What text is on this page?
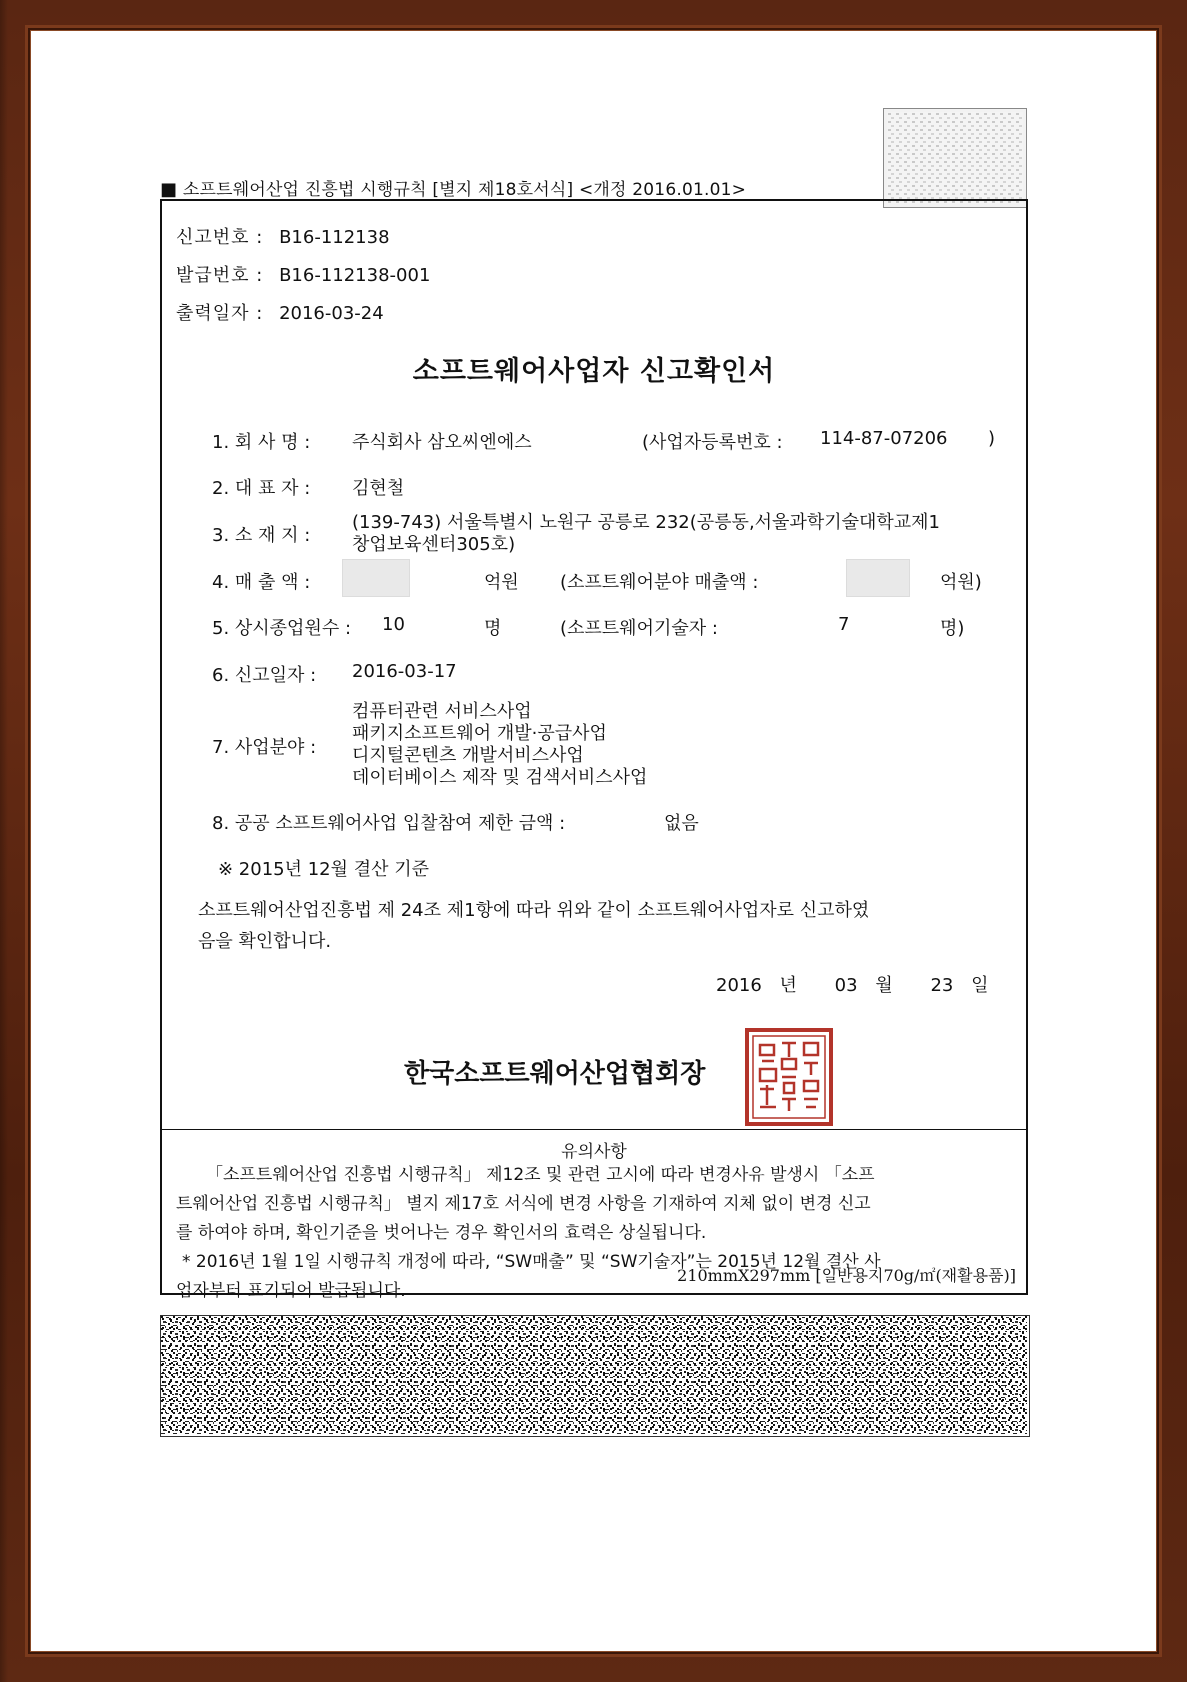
■ 소프트웨어산업 진흥법 시행규칙 [별지 제18호서식] <개정 2016.01.01>
신고번호 : B16-112138
발급번호 : B16-112138-001
출력일자 : 2016-03-24
소프트웨어사업자 신고확인서
1. 회 사 명 : 주식회사 삼오씨엔에스	(사업자등록번호 : 114-87-07206 )
2. 대 표 자 : 김현철
3. 소 재 지 :
(139-743) 서울특별시 노원구 공릉로 232(공릉동,서울과학기술대학교제1
창업보육센터305호)
4. 매 출 액 :	억원 (소프트웨어분야 매출액 :	억원)
5. 상시종업원수 : 10	명	(소프트웨어기술자 :	7	명)
6. 신고일자 : 2016-03-17
7. 사업분야 :
컴퓨터관련 서비스사업
패키지소프트웨어 개발·공급사업
디지털콘텐츠 개발서비스사업
데이터베이스 제작 및 검색서비스사업
8. 공공 소프트웨어사업 입찰참여 제한 금액 :	없음
※ 2015년 12월 결산 기준
소프트웨어산업진흥법 제 24조 제1항에 따라 위와 같이 소프트웨어사업자로 신고하였
음을 확인합니다.
2016 년 03 월 23 일
한국소프트웨어산업협회장
유의사항
「소프트웨어산업 진흥법 시행규칙」 제12조 및 관련 고시에 따라 변경사유 발생시 「소프
트웨어산업 진흥법 시행규칙」 별지 제17호 서식에 변경 사항을 기재하여 지체 없이 변경 신고
를 하여야 하며, 확인기준을 벗어나는 경우 확인서의 효력은 상실됩니다.
* 2016년 1월 1일 시행규칙 개정에 따라, “SW매출” 및 “SW기술자”는 2015년 12월 결산 사
업자부터 표기되어 발급됩니다.
210mmX297mm [일반용지70g/㎡(재활용품)]
